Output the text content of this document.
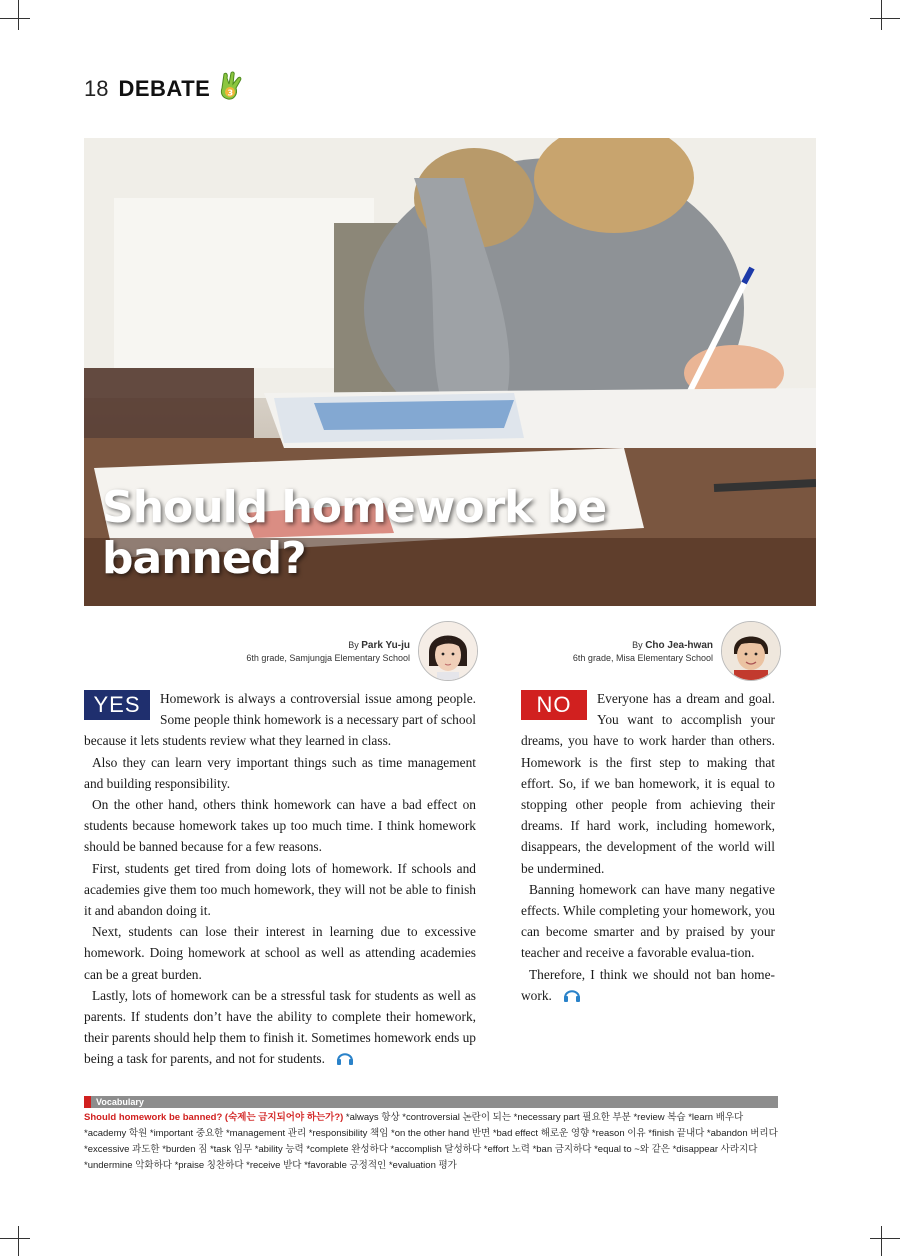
18 DEBATE 3
Should homework be banned?
By Park Yu-ju
6th grade, Samjungja Elementary School
By Cho Jea-hwan
6th grade, Misa Elementary School
YES	Homework is always a controversial issue among people. Some people think homework is a necessary part of school because it lets students review what they learned in class.

Also they can learn very important things such as time management and building responsibility.

On the other hand, others think homework can have a bad effect on students because homework takes up too much time. I think homework should be banned because for a few reasons.

First, students get tired from doing lots of homework. If schools and academies give them too much homework, they will not be able to finish it and abandon doing it.

Next, students can lose their interest in learning due to excessive homework. Doing homework at school as well as attending academies can be a great burden.

Lastly, lots of homework can be a stressful task for students as well as parents. If students don’t have the ability to complete their homework, their parents should help them to finish it. Sometimes homework ends up being a task for parents, and not for students.

NO	Everyone has a dream and goal. You want to accomplish your dreams, you have to work harder than others. Homework is the first step to making that effort. So, if we ban homework, it is equal to stopping other people from achieving their dreams. If hard work, including homework, disappears, the development of the world will be undermined.

Banning homework can have many negative effects. While completing your homework, you can become smarter and by praised by your teacher and receive a favorable evalua-tion.

Therefore, I think we should not ban home-work.

Vocabulary
Should homework be banned? (숙제는 금지되어야 하는가?) *always 항상 *controversial 논란이 되는 *necessary part 필요한 부분 *review 복습 *learn 배우다 *academy 학원 *important 중요한 *management 관리 *responsibility 책임 *on the other hand 반면 *bad effect 해로운 영향 *reason 이유 *finish 끝내다 *abandon 버리다 *excessive 과도한 *burden 짐 *task 임무 *ability 능력 *complete 완성하다 *accomplish 달성하다 *effort 노력 *ban 금지하다 *equal to ~와 같은 *disappear 사라지다 *undermine 악화하다 *praise 칭찬하다 *receive 받다 *favorable 긍정적인 *evaluation 평가
